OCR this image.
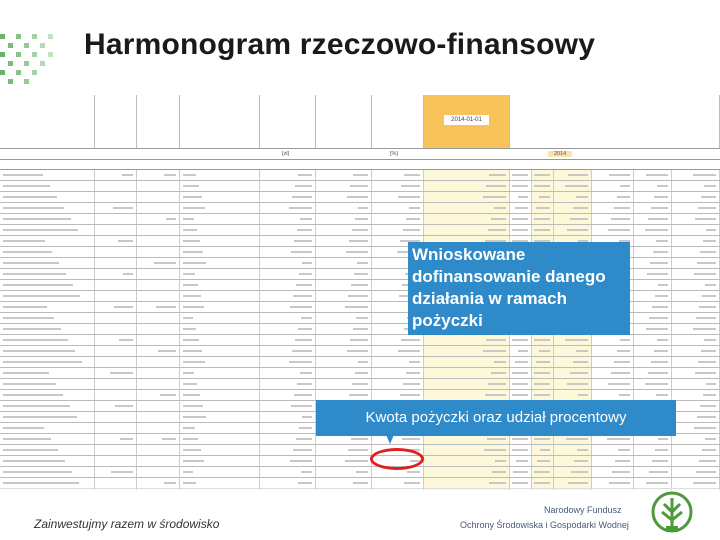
Harmonogram rzeczowo-finansowy
2014-01-01
[zł]	[%]	2014
Wnioskowane dofinansowanie danego działania w ramach pożyczki
Kwota pożyczki oraz udział procentowy
Zainwestujmy razem w środowisko
Narodowy Fundusz
Ochrony Środowiska i Gospodarki Wodnej
